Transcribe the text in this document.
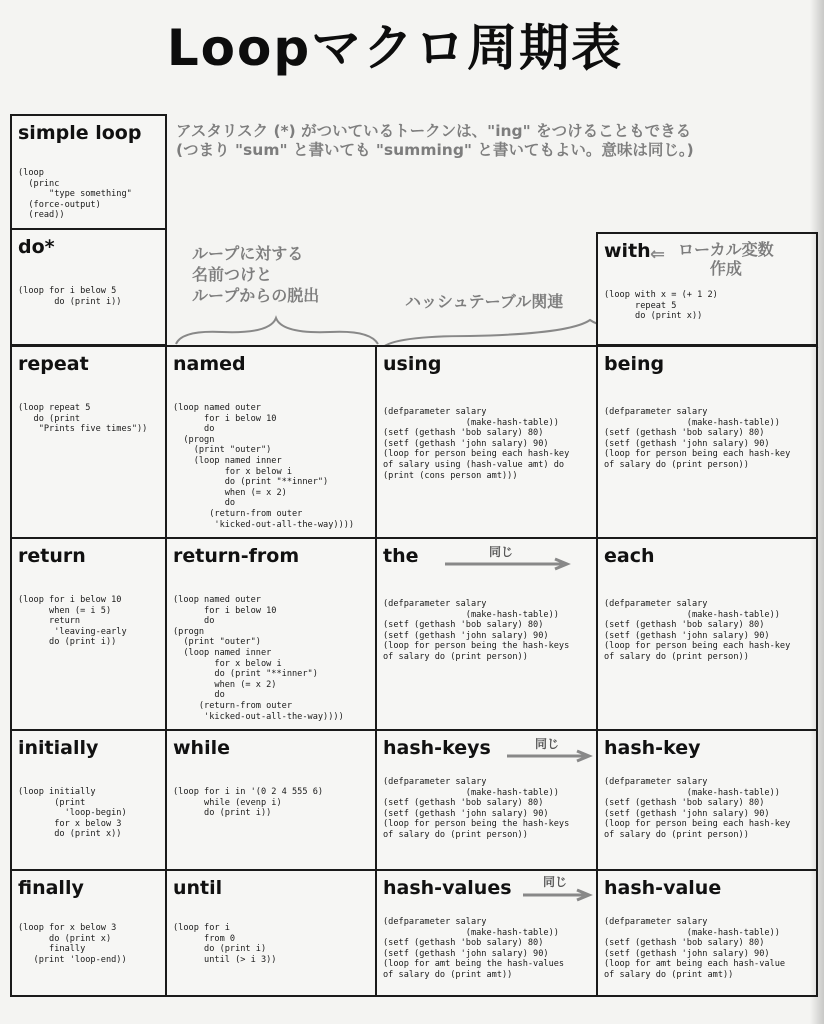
Loopマクロ周期表
アスタリスク (*) がついているトークンは、"ing" をつけることもできる
(つまり "sum" と書いても "summing" と書いてもよい。意味は同じ。)
ループに対する
名前つけと
ループからの脱出	ハッシュテーブル関連
simple loop
(loop
(princ
"type something"
(force-output)
(read))
do*
(loop for i below 5
do (print i))
with ⇐ ローカル変数
作成
(loop with x = (+ 1 2)
repeat 5
do (print x))
repeat
(loop repeat 5
do (print
"Prints five times"))
named
(loop named outer
for i below 10
do
(progn
(print "outer")
(loop named inner
for x below i
do (print "**inner")
when (= x 2)
do
(return-from outer
'kicked-out-all-the-way))))
using
(defparameter salary
(make-hash-table))
(setf (gethash 'bob salary) 80)
(setf (gethash 'john salary) 90)
(loop for person being each hash-key
of salary using (hash-value amt) do
(print (cons person amt)))
being
(defparameter salary
(make-hash-table))
(setf (gethash 'bob salary) 80)
(setf (gethash 'john salary) 90)
(loop for person being each hash-key
of salary do (print person))
return
(loop for i below 10
when (= i 5)
return
'leaving-early
do (print i))
return-from
(loop named outer
for i below 10
do
(progn
(print "outer")
(loop named inner
for x below i
do (print "**inner")
when (= x 2)
do
(return-from outer
'kicked-out-all-the-way))))
the	同じ
(defparameter salary
(make-hash-table))
(setf (gethash 'bob salary) 80)
(setf (gethash 'john salary) 90)
(loop for person being the hash-keys
of salary do (print person))
each
(defparameter salary
(make-hash-table))
(setf (gethash 'bob salary) 80)
(setf (gethash 'john salary) 90)
(loop for person being each hash-key
of salary do (print person))
initially
(loop initially
(print
'loop-begin)
for x below 3
do (print x))
while
(loop for i in '(0 2 4 555 6)
while (evenp i)
do (print i))
hash-keys	同じ
(defparameter salary
(make-hash-table))
(setf (gethash 'bob salary) 80)
(setf (gethash 'john salary) 90)
(loop for person being the hash-keys
of salary do (print person))
hash-key
(defparameter salary
(make-hash-table))
(setf (gethash 'bob salary) 80)
(setf (gethash 'john salary) 90)
(loop for person being each hash-key
of salary do (print person))
finally
(loop for x below 3
do (print x)
finally
(print 'loop-end))
until
(loop for i
from 0
do (print i)
until (> i 3))
hash-values	同じ
(defparameter salary
(make-hash-table))
(setf (gethash 'bob salary) 80)
(setf (gethash 'john salary) 90)
(loop for amt being the hash-values
of salary do (print amt))
hash-value
(defparameter salary
(make-hash-table))
(setf (gethash 'bob salary) 80)
(setf (gethash 'john salary) 90)
(loop for amt being each hash-value
of salary do (print amt))
